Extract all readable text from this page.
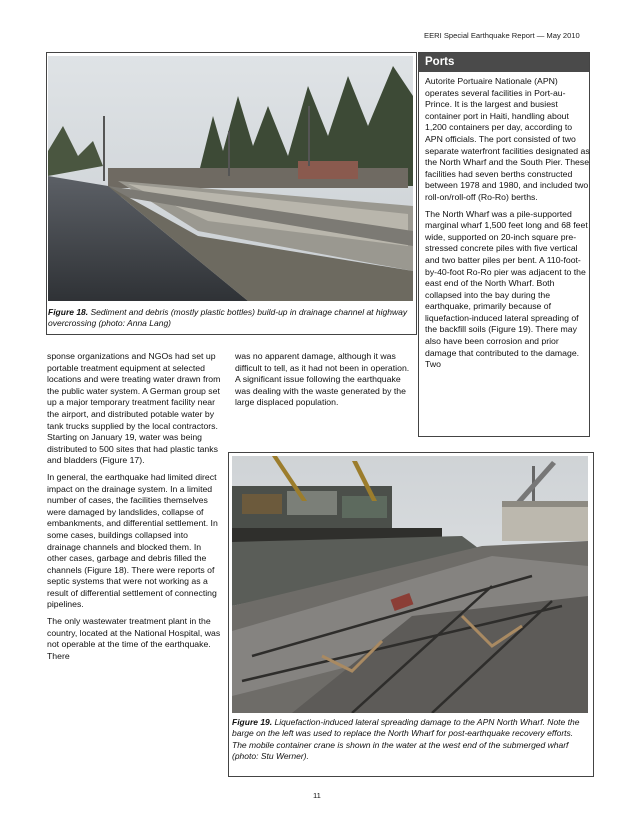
EERI Special Earthquake Report — May 2010
Figure 18. Sediment and debris (mostly plastic bottles) build-up in drainage channel at highway overcrossing (photo: Anna Lang)
Ports

Autorite Portuaire Nationale (APN) operates several facilities in Port-au-Prince. It is the largest and busiest container port in Haiti, handling about 1,200 containers per day, according to APN officials. The port consisted of two separate waterfront facilities designated as the North Wharf and the South Pier. These facilities had seven berths constructed between 1978 and 1980, and included two roll-on/roll-off (Ro-Ro) berths.

The North Wharf was a pile-supported marginal wharf 1,500 feet long and 68 feet wide, supported on 20-inch square pre-stressed concrete piles with five vertical and two batter piles per bent. A 110-foot-by-40-foot Ro-Ro pier was adjacent to the east end of the North Wharf. Both collapsed into the bay during the earthquake, primarily because of liquefaction-induced lateral spreading of the backfill soils (Figure 19). There may also have been corrosion and prior damage that contributed to the damage. Two

sponse organizations and NGOs had set up portable treatment equipment at selected locations and were treating water drawn from the public water system. A German group set up a major temporary treatment facility near the airport, and distributed potable water by tank trucks supplied by the local contractors. Starting on January 19, water was being distributed to 500 sites that had plastic tanks and bladders (Figure 17).

In general, the earthquake had limited direct impact on the drainage system. In a limited number of cases, the facilities themselves were damaged by landslides, collapse of embankments, and differential settlement. In some cases, buildings collapsed into drainage channels and blocked them. In other cases, garbage and debris filled the channels (Figure 18). There were reports of septic systems that were not working as a result of differential settlement of connecting pipelines.

The only wastewater treatment plant in the country, located at the National Hospital, was not operable at the time of the earthquake. There

was no apparent damage, although it was difficult to tell, as it had not been in operation. A significant issue following the earthquake was dealing with the waste generated by the large displaced population.

Figure 19. Liquefaction-induced lateral spreading damage to the APN North Wharf. Note the barge on the left was used to replace the North Wharf for post-earthquake recovery efforts. The mobile container crane is shown in the water at the west end of the submerged wharf (photo: Stu Werner).
11
